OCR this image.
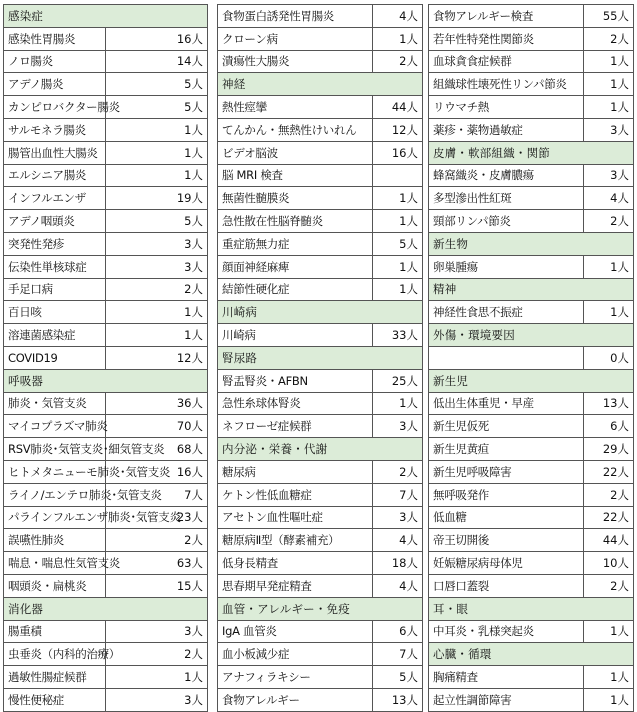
感染症	
感染性胃腸炎	16人
ノロ腸炎	14人
アデノ腸炎	5人
カンピロバクター腸炎	5人
サルモネラ腸炎	1人
腸管出血性大腸炎	1人
エルシニア腸炎	1人
インフルエンザ	19人
アデノ咽頭炎	5人
突発性発疹	3人
伝染性単核球症	3人
手足口病	2人
百日咳	1人
溶連菌感染症	1人
COVID19	12人
呼吸器	
肺炎・気管支炎	36人
マイコプラズマ肺炎	70人
RSV肺炎･気管支炎･細気管支炎	68人
ヒトメタニューモ肺炎･気管支炎	16人
ライノ/エンテロ肺炎･気管支炎	7人
パラインフルエンザ肺炎･気管支炎	23人
誤嚥性肺炎	2人
喘息・喘息性気管支炎	63人
咽頭炎・扁桃炎	15人
消化器	
腸重積	3人
虫垂炎（内科的治療）	2人
過敏性腸症候群	1人
慢性便秘症	3人
食物蛋白誘発性胃腸炎	4人
クローン病	1人
潰瘍性大腸炎	2人
神経	
熱性痙攣	44人
てんかん・無熱性けいれん	12人
ビデオ脳波	16人
脳 MRI 検査	
無菌性髄膜炎	1人
急性散在性脳脊髄炎	1人
重症筋無力症	5人
顔面神経麻痺	1人
結節性硬化症	1人
川崎病	
川崎病	33人
腎尿路	
腎盂腎炎・AFBN	25人
急性糸球体腎炎	1人
ネフローゼ症候群	3人
内分泌・栄養・代謝	
糖尿病	2人
ケトン性低血糖症	7人
アセトン血性嘔吐症	3人
糖原病Ⅱ型（酵素補充）	4人
低身長精査	18人
思春期早発症精査	4人
血管・アレルギー・免疫	
IgA 血管炎	6人
血小板減少症	7人
アナフィラキシー	5人
食物アレルギー	13人
食物アレルギー検査	55人
若年性特発性関節炎	2人
血球貪食症候群	1人
組織球性壊死性リンパ節炎	1人
リウマチ熱	1人
薬疹・薬物過敏症	3人
皮膚・軟部組織・関節	
蜂窩織炎・皮膚膿瘍	3人
多型滲出性紅斑	4人
頸部リンパ節炎	2人
新生物	
卵巣腫瘍	1人
精神	
神経性食思不振症	1人
外傷・環境要因	
	0人
新生児	
低出生体重児・早産	13人
新生児仮死	6人
新生児黄疸	29人
新生児呼吸障害	22人
無呼吸発作	2人
低血糖	22人
帝王切開後	44人
妊娠糖尿病母体児	10人
口唇口蓋裂	2人
耳・眼	
中耳炎・乳様突起炎	1人
心臓・循環	
胸痛精査	1人
起立性調節障害	1人
